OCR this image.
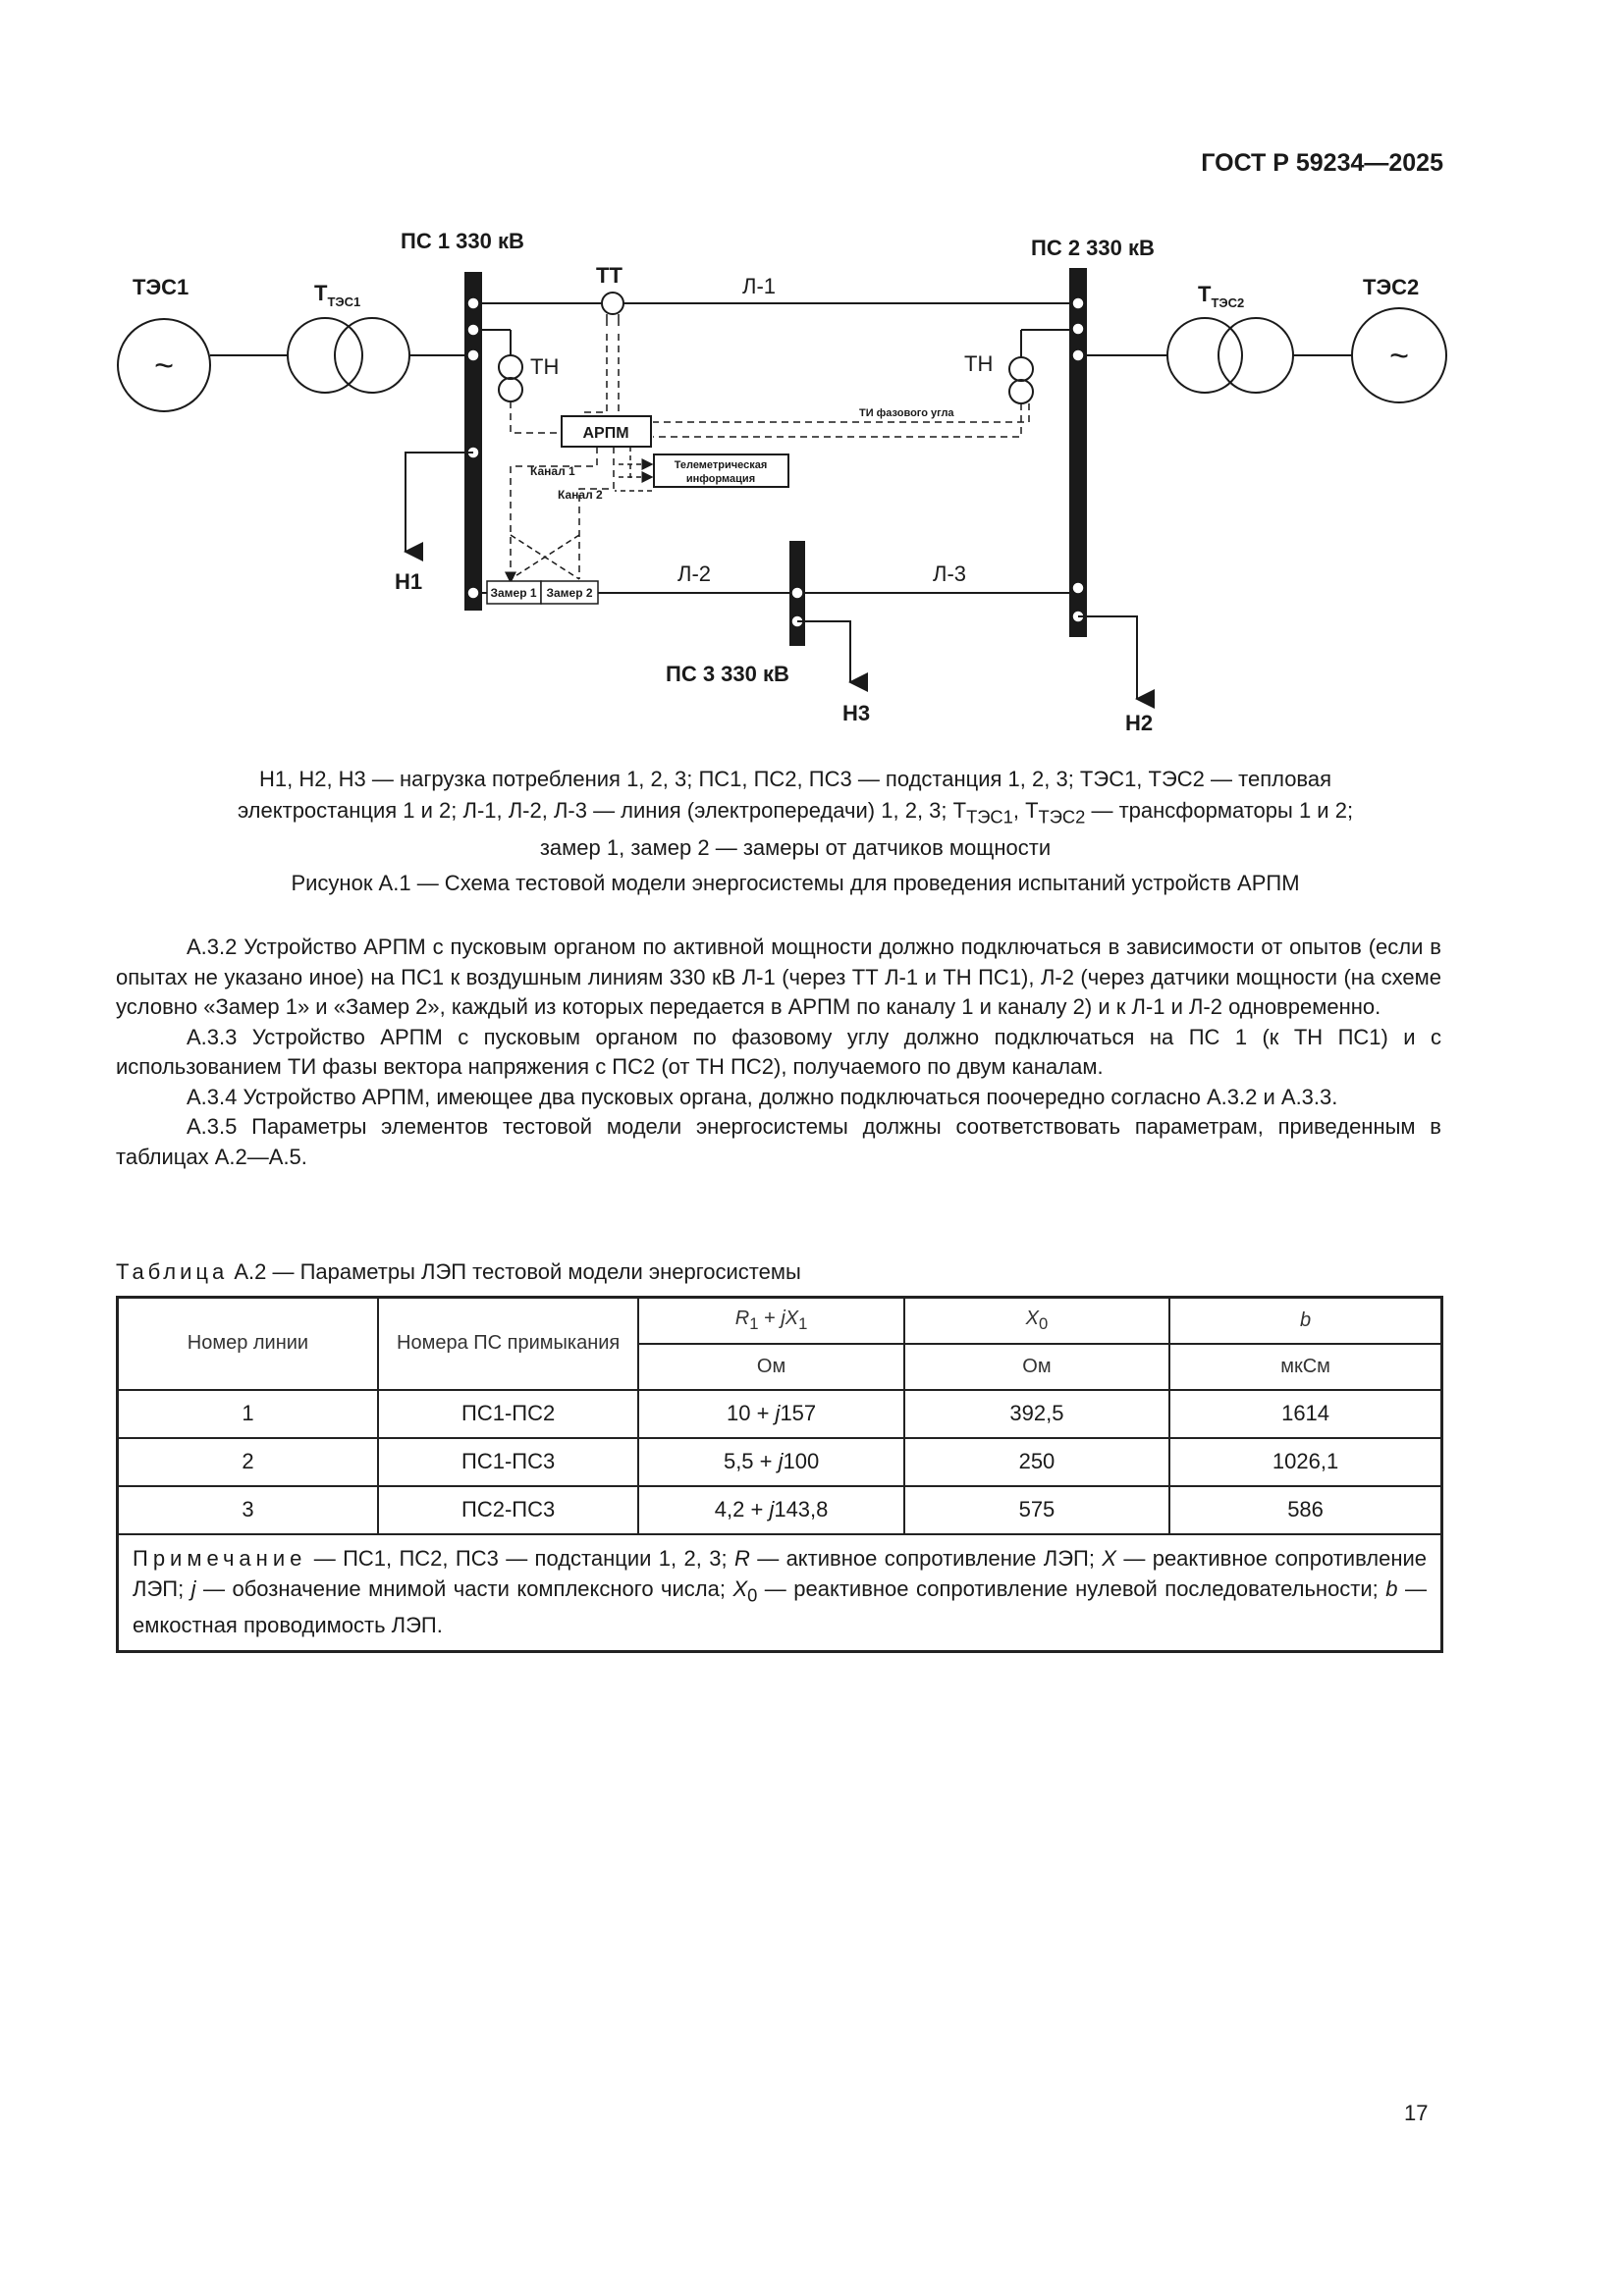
ГОСТ Р 59234—2025
~
ТЭС1
~
ТЭС2
$Т_{ТЭС1}$	$Т_{ТЭС2}$
ПС 1 330 кВ	ПС 2 330 кВ
ПС 3 330 кВ
Л-1
ТТ
ТН	ТН
ТИ фазового угла
АРПМ
Телеметрическая
информация
Канал 1
Канал 2
Замер 1 Замер 2
Л-2	Л-3
Н1
Н3	Н2

Н1, Н2, Н3 — нагрузка потребления 1, 2, 3; ПС1, ПС2, ПС3 — подстанция 1, 2, 3; ТЭС1, ТЭС2 — тепловая

электростанция 1 и 2; Л-1, Л-2, Л-3 — линия (электропередачи) 1, 2, 3; $Т_{ТЭС1}$, $Т_{ТЭС2}$ — трансформаторы 1 и 2;

замер 1, замер 2 — замеры от датчиков мощности

Рисунок А.1 — Схема тестовой модели энергосистемы для проведения испытаний устройств АРПМ

А.3.2 Устройство АРПМ с пусковым органом по активной мощности должно подключаться в зависимости от опытов (если в опытах не указано иное) на ПС1 к воздушным линиям 330 кВ Л-1 (через ТТ Л-1 и ТН ПС1), Л-2 (через датчики мощности (на схеме условно «Замер 1» и «Замер 2», каждый из которых передается в АРПМ по каналу 1 и каналу 2) и к Л-1 и Л-2 одновременно.

А.3.3 Устройство АРПМ с пусковым органом по фазовому углу должно подключаться на ПС 1 (к ТН ПС1) и с использованием ТИ фазы вектора напряжения с ПС2 (от ТН ПС2), получаемого по двум каналам.

А.3.4 Устройство АРПМ, имеющее два пусковых органа, должно подключаться поочередно согласно А.3.2 и А.3.3.

А.3.5 Параметры элементов тестовой модели энергосистемы должны соответствовать параметрам, приведенным в таблицах А.2—А.5.

Таблица А.2 — Параметры ЛЭП тестовой модели энергосистемы
Номер линии	Номера ПС примыкания	$R_1 + jX_1$	$X_0$	b
		Ом	Ом	мкСм
1	ПС1-ПС2	10 + j157	392,5	1614
2	ПС1-ПС3	5,5 + j100	250	1026,1
3	ПС2-ПС3	4,2 + j143,8	575	586
Примечание — ПС1, ПС2, ПС3 — подстанции 1, 2, 3; R — активное сопротивление ЛЭП; X — реактивное сопротивление ЛЭП; j — обозначение мнимой части комплексного числа; $X_0$ — реактивное сопротивление нулевой последовательности; b — емкостная проводимость ЛЭП.				
17
